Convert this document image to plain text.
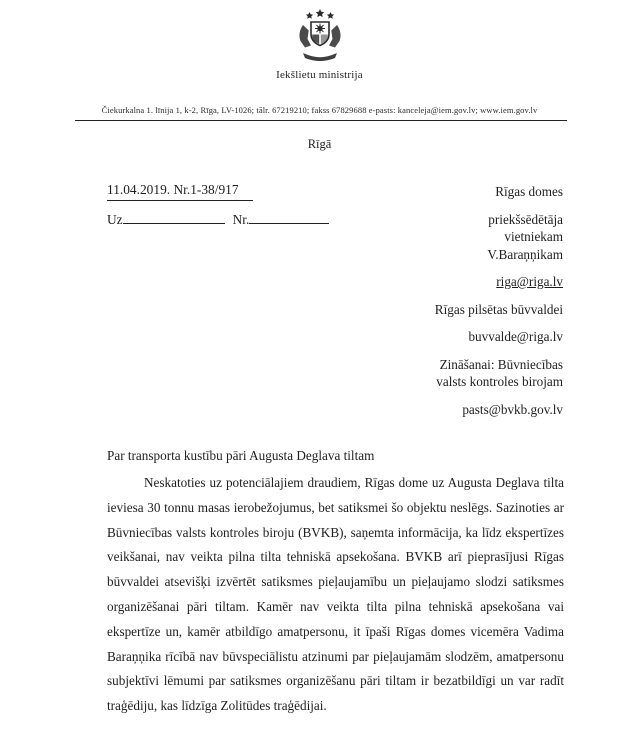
Iekšlietu ministrija
Čiekurkalna 1. līnija 1, k-2, Rīga, LV-1026; tālr. 67219210; fakss 67829688 e-pasts: kanceleja@iem.gov.lv; www.iem.gov.lv
Rīgā
11.04.2019. Nr.1-38/917
Uz	Nr.
Rīgas domes
priekšsēdētāja
vietniekam
V.Baraņņikam
riga@riga.lv
Rīgas pilsētas būvvaldei
buvvalde@riga.lv
Zināšanai: Būvniecības
valsts kontroles birojam
pasts@bvkb.gov.lv
Par transporta kustību pāri Augusta Deglava tiltam
Neskatoties uz potenciālajiem draudiem, Rīgas dome uz Augusta Deglava tilta ieviesa 30 tonnu masas ierobežojumus, bet satiksmei šo objektu neslēgs. Sazinoties ar Būvniecības valsts kontroles biroju (BVKB), saņemta informācija, ka līdz ekspertīzes veikšanai, nav veikta pilna tilta tehniskā apsekošana. BVKB arī pieprasījusi Rīgas būvvaldei atsevišķi izvērtēt satiksmes pieļaujamību un pieļaujamo slodzi satiksmes organizēšanai pāri tiltam. Kamēr nav veikta tilta pilna tehniskā apsekošana vai ekspertīze un, kamēr atbildīgo amatpersonu, it īpaši Rīgas domes vicemēra Vadima Baraņņika rīcībā nav būvspeciālistu atzinumi par pieļaujamām slodzēm, amatpersonu subjektīvi lēmumi par satiksmes organizēšanu pāri tiltam ir bezatbildīgi un var radīt traģēdiju, kas līdzīga Zolitūdes traģēdijai.
